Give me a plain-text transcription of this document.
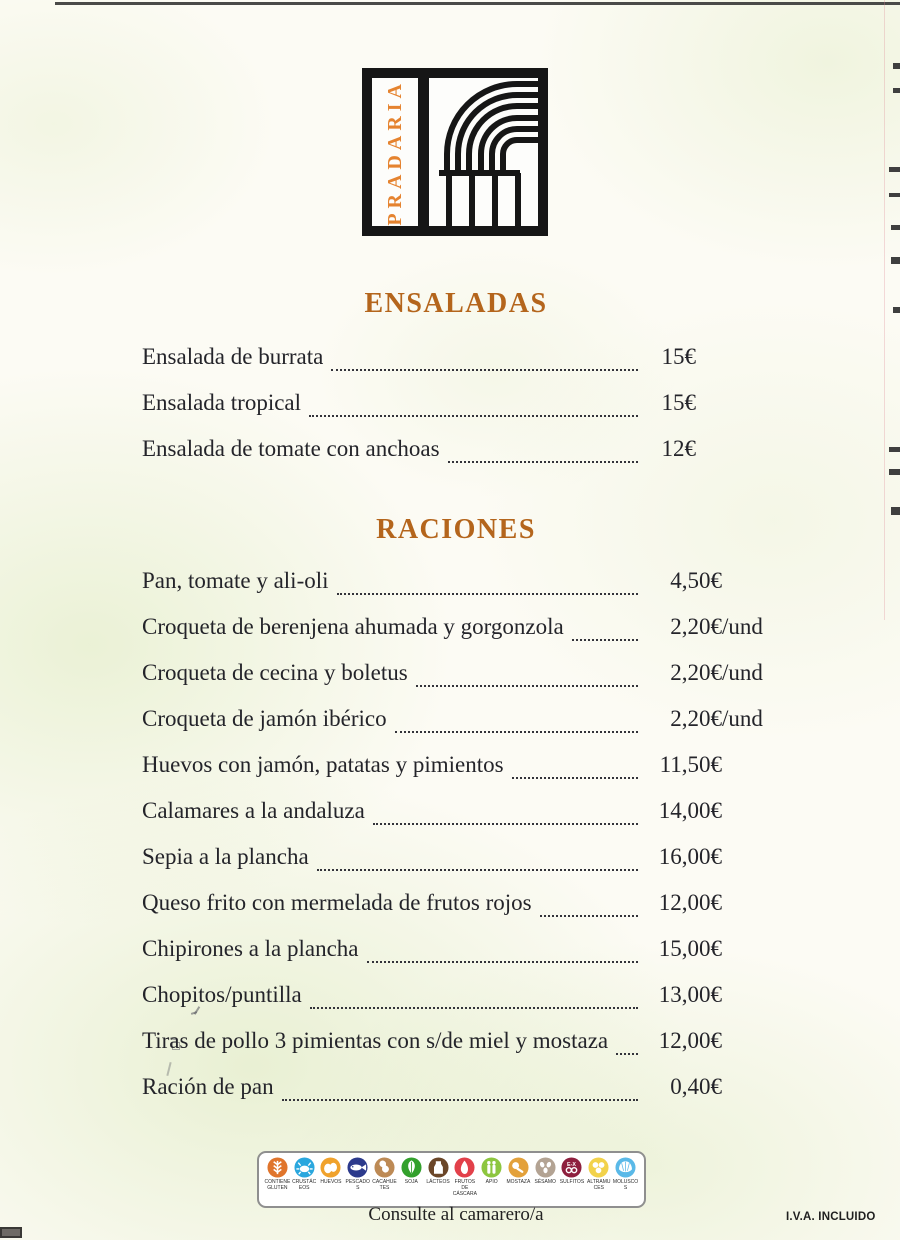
PRADARIA
ENSALADAS
Ensalada de burrata	15€
Ensalada tropical	15€
Ensalada de tomate con anchoas	12€
RACIONES
Pan, tomate y ali-oli	4,50€
Croqueta de berenjena ahumada y gorgonzola	2,20€ /und
Croqueta de cecina y boletus	2,20€ /und
Croqueta de jamón ibérico	2,20€ /und
Huevos con jamón, patatas y pimientos	11,50€
Calamares a la andaluza	14,00€
Sepia a la plancha	16,00€
Queso frito con mermelada de frutos rojos	12,00€
Chipirones a la plancha	15,00€
Chopitos/puntilla	13,00€
Tiras de pollo 3 pimientas con s/de miel y mostaza	12,00€
Ración de pan	0,40€
CONTIENE GLUTEN
CRUSTÁCEOS
HUEVOS PESCADOS
CACAHUETES
SOJA LÁCTEOS FRUTOS DE CÁSCARA
APIO MOSTAZA SÉSAMO
E-X
SULFITOS ALTRAMUCES
MOLUSCOS
Consulte al camarero/a	I.V.A. INCLUIDO
